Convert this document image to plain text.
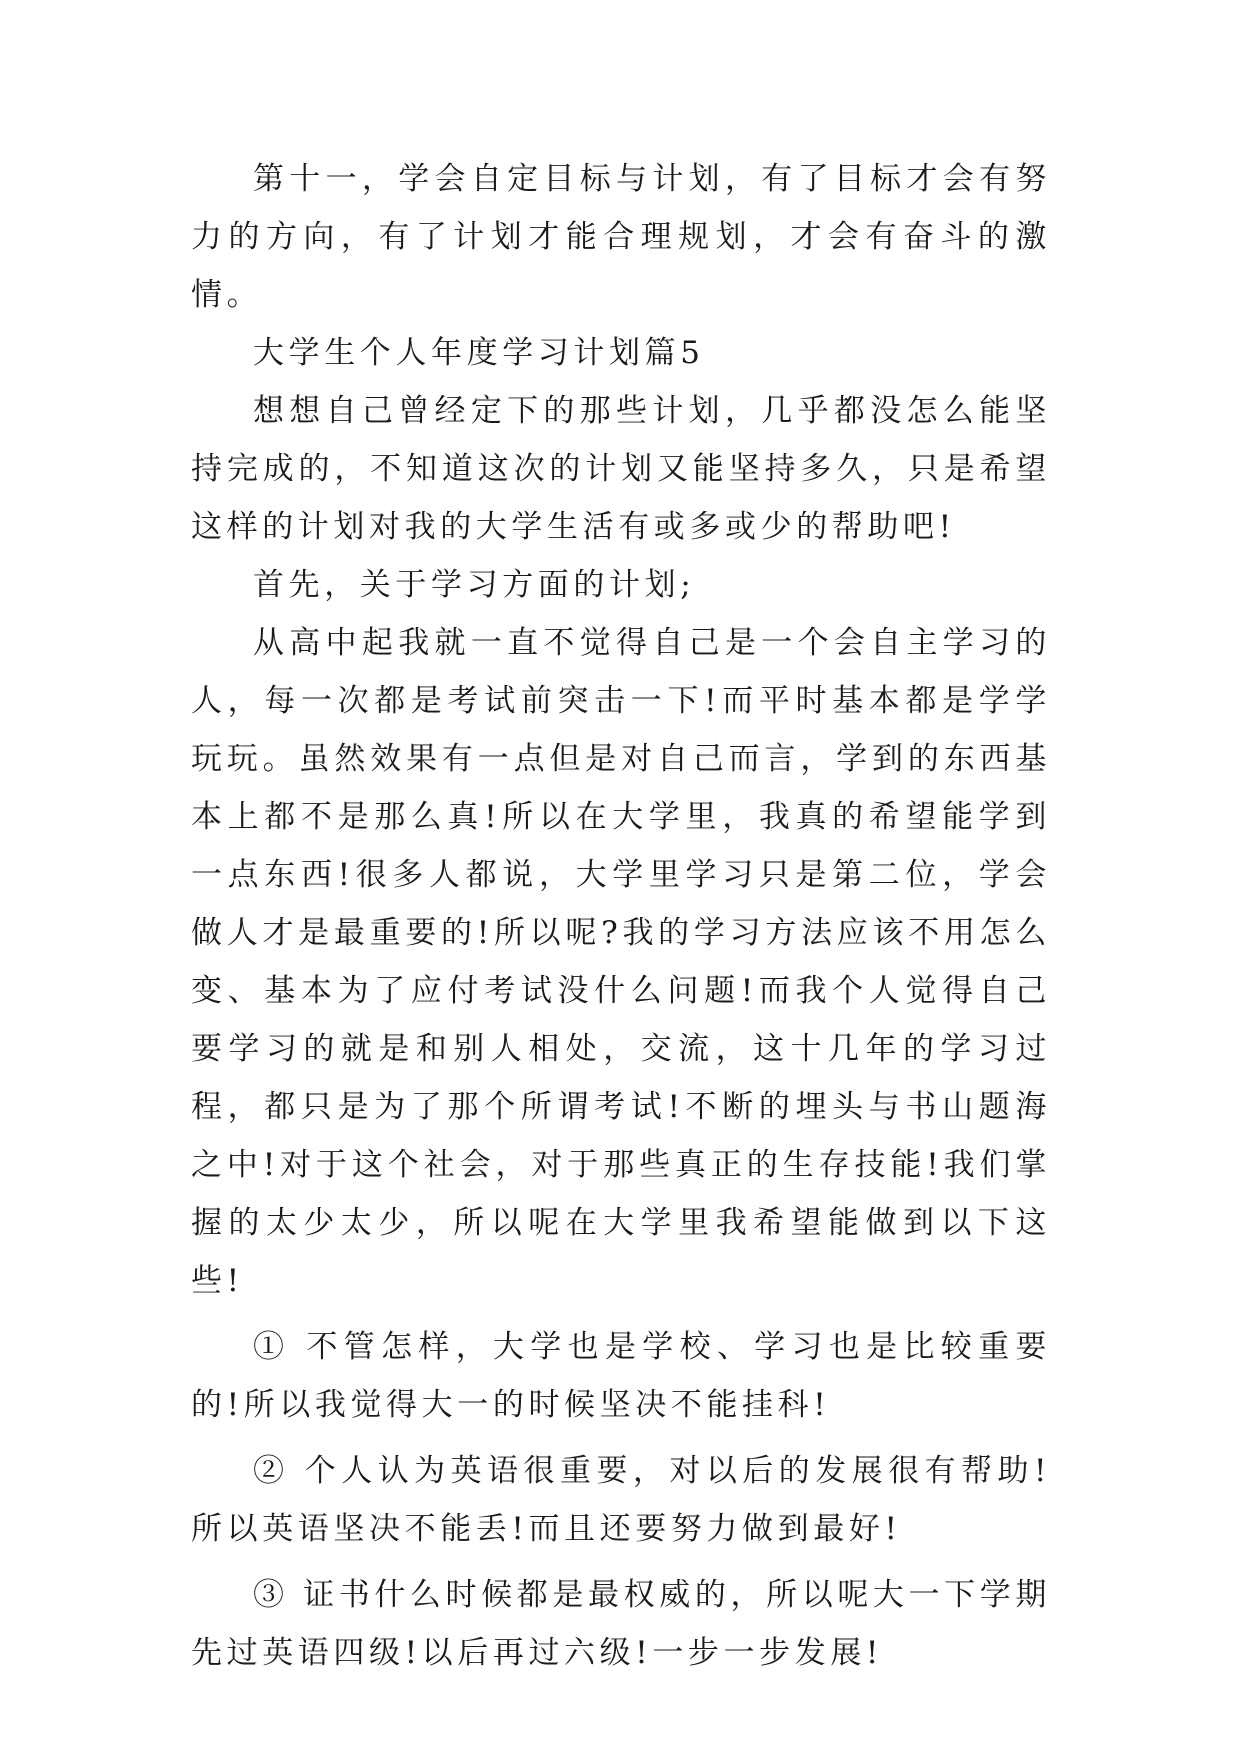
第十一，学会自定目标与计划，有了目标才会有努力的方向，有了计划才能合理规划，才会有奋斗的激情。

大学生个人年度学习计划篇5

想想自己曾经定下的那些计划，几乎都没怎么能坚持完成的，不知道这次的计划又能坚持多久，只是希望这样的计划对我的大学生活有或多或少的帮助吧!

首先，关于学习方面的计划;

从高中起我就一直不觉得自己是一个会自主学习的人，每一次都是考试前突击一下!而平时基本都是学学玩玩。虽然效果有一点但是对自己而言，学到的东西基本上都不是那么真!所以在大学里，我真的希望能学到一点东西!很多人都说，大学里学习只是第二位，学会做人才是最重要的!所以呢?我的学习方法应该不用怎么变、基本为了应付考试没什么问题!而我个人觉得自己要学习的就是和别人相处，交流，这十几年的学习过程，都只是为了那个所谓考试!不断的埋头与书山题海之中!对于这个社会，对于那些真正的生存技能!我们掌握的太少太少，所以呢在大学里我希望能做到以下这些!

① 不管怎样，大学也是学校、学习也是比较重要的!所以我觉得大一的时候坚决不能挂科!

② 个人认为英语很重要，对以后的发展很有帮助!所以英语坚决不能丢!而且还要努力做到最好!

③ 证书什么时候都是最权威的，所以呢大一下学期先过英语四级!以后再过六级!一步一步发展!
